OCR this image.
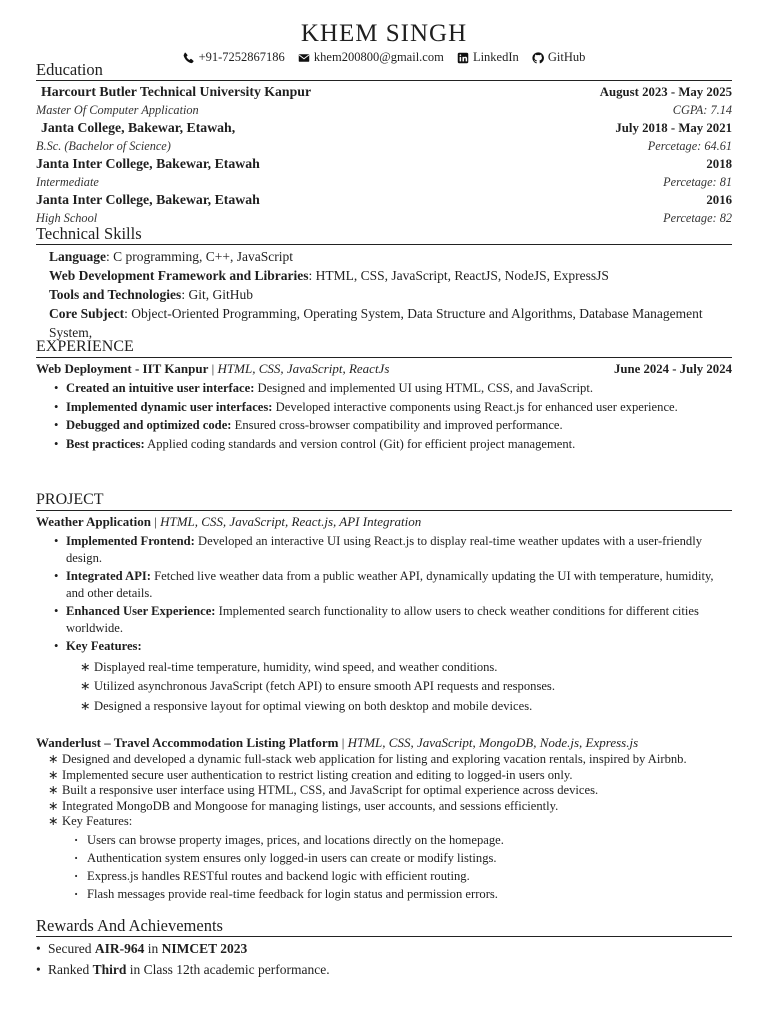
KHEM SINGH
+91-7252867186
khem200800@gmail.com
LinkedIn
GitHub
Education
Harcourt Butler Technical University Kanpur	August 2023 - May 2025
Master Of Computer Application	CGPA: 7.14
Janta College, Bakewar, Etawah,	July 2018 - May 2021
B.Sc. (Bachelor of Science)	Percetage: 64.61
Janta Inter College, Bakewar, Etawah	2018
Intermediate	Percetage: 81
Janta Inter College, Bakewar, Etawah	2016
High School	Percetage: 82
Technical Skills
Language: C programming, C++, JavaScript
Web Development Framework and Libraries: HTML, CSS, JavaScript, ReactJS, NodeJS, ExpressJS
Tools and Technologies: Git, GitHub
Core Subject: Object-Oriented Programming, Operating System, Data Structure and Algorithms, Database Management System,
EXPERIENCE
Web Deployment - IIT Kanpur | HTML, CSS, JavaScript, ReactJs	June 2024 - July 2024
• Created an intuitive user interface: Designed and implemented UI using HTML, CSS, and JavaScript.
• Implemented dynamic user interfaces: Developed interactive components using React.js for enhanced user experience.
• Debugged and optimized code: Ensured cross-browser compatibility and improved performance.
• Best practices: Applied coding standards and version control (Git) for efficient project management.
PROJECT
Weather Application | HTML, CSS, JavaScript, React.js, API Integration
• Implemented Frontend: Developed an interactive UI using React.js to display real-time weather updates with a user-friendly design.
• Integrated API: Fetched live weather data from a public weather API, dynamically updating the UI with temperature, humidity, and other details.
• Enhanced User Experience: Implemented search functionality to allow users to check weather conditions for different cities worldwide.
• Key Features:
∗ Displayed real-time temperature, humidity, wind speed, and weather conditions.
∗ Utilized asynchronous JavaScript (fetch API) to ensure smooth API requests and responses.
∗ Designed a responsive layout for optimal viewing on both desktop and mobile devices.
Wanderlust – Travel Accommodation Listing Platform | HTML, CSS, JavaScript, MongoDB, Node.js, Express.js
∗ Designed and developed a dynamic full-stack web application for listing and exploring vacation rentals, inspired by Airbnb.
∗ Implemented secure user authentication to restrict listing creation and editing to logged-in users only.
∗ Built a responsive user interface using HTML, CSS, and JavaScript for optimal experience across devices.
∗ Integrated MongoDB and Mongoose for managing listings, user accounts, and sessions efficiently.
∗ Key Features:
· Users can browse property images, prices, and locations directly on the homepage.
· Authentication system ensures only logged-in users can create or modify listings.
· Express.js handles RESTful routes and backend logic with efficient routing.
· Flash messages provide real-time feedback for login status and permission errors.
Rewards And Achievements
• Secured AIR-964 in NIMCET 2023
• Ranked Third in Class 12th academic performance.
